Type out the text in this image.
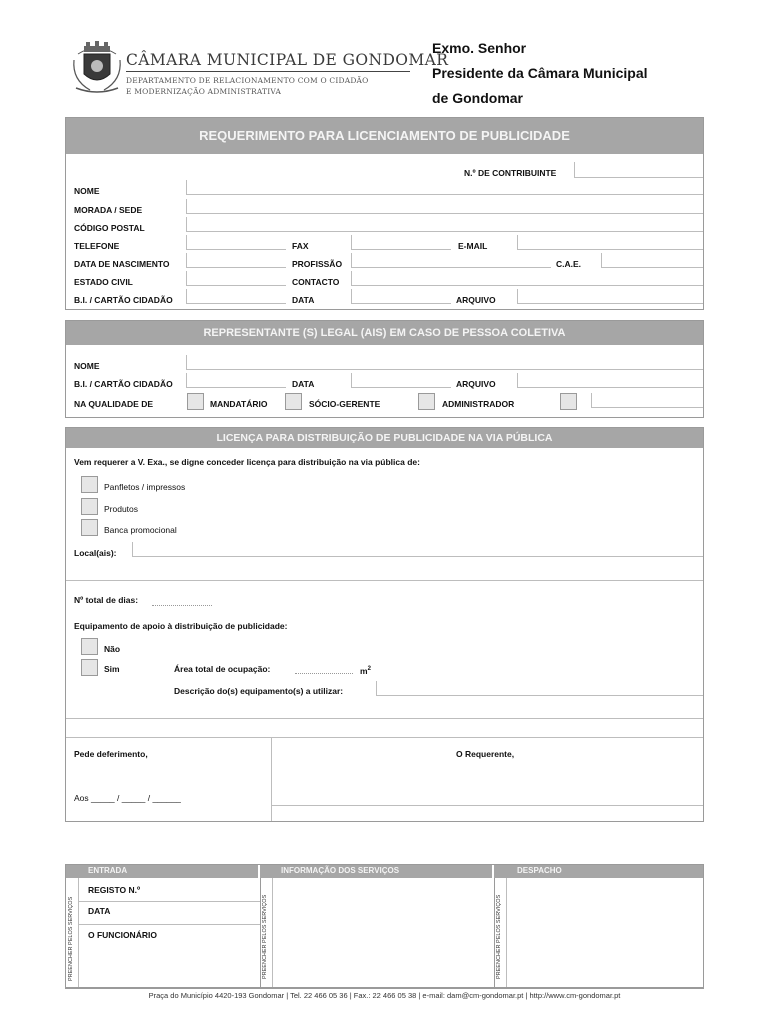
CÂMARA MUNICIPAL DE GONDOMAR
DEPARTAMENTO DE RELACIONAMENTO COM O CIDADÃO
E MODERNIZAÇÃO ADMINISTRATIVA
Exmo. Senhor
Presidente da Câmara Municipal
de Gondomar
REQUERIMENTO PARA LICENCIAMENTO DE PUBLICIDADE
N.º DE CONTRIBUINTE
NOME
MORADA / SEDE
CÓDIGO POSTAL
TELEFONE	FAX	E-MAIL
DATA DE NASCIMENTO	PROFISSÃO	C.A.E.
ESTADO CIVIL	CONTACTO
B.I. / CARTÃO CIDADÃO	DATA	ARQUIVO
REPRESENTANTE (S) LEGAL (AIS) EM CASO DE PESSOA COLETIVA
NOME
B.I. / CARTÃO CIDADÃO	DATA	ARQUIVO
NA QUALIDADE DE	MANDATÁRIO	SÓCIO-GERENTE	ADMINISTRADOR
LICENÇA PARA DISTRIBUIÇÃO DE PUBLICIDADE NA VIA PÚBLICA
Vem requerer a V. Exa., se digne conceder licença para distribuição na via pública de:
Panfletos / impressos
Produtos
Banca promocional
Local(ais):
Nº total de dias:
Equipamento de apoio à distribuição de publicidade:
Não
Sim	Área total de ocupação:	$m^2$
Descrição do(s) equipamento(s) a utilizar:
Pede deferimento,	O Requerente,
Aos _____ / _____ / ______
ENTRADA	INFORMAÇÃO DOS SERVIÇOS	DESPACHO
PREENCHER PELOS SERVIÇOS	PREENCHER PELOS SERVIÇOS	PREENCHER PELOS SERVIÇOS
REGISTO N.º
DATA
O FUNCIONÁRIO
Praça do Município 4420-193 Gondomar | Tel. 22 466 05 36 | Fax.: 22 466 05 38 | e-mail: dam@cm-gondomar.pt | http://www.cm-gondomar.pt
